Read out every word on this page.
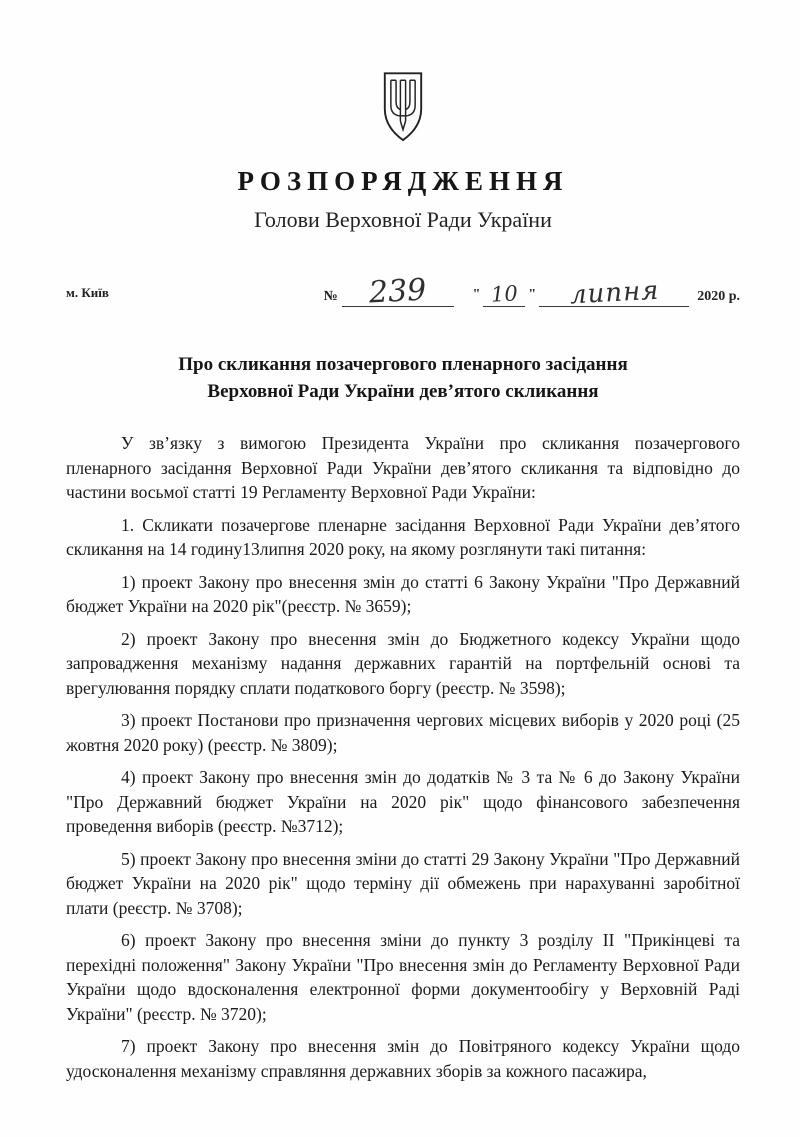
РОЗПОРЯДЖЕННЯ
Голови Верховної Ради України
м. Київ	№	239	" 10 "	липня	2020 р.
Про скликання позачергового пленарного засідання
Верховної Ради України дев’ятого скликання

У зв’язку з вимогою Президента України про скликання позачергового пленарного засідання Верховної Ради України дев’ятого скликання та відповідно до частини восьмої статті 19 Регламенту Верховної Ради України:

1. Скликати позачергове пленарне засідання Верховної Ради України дев’ятого скликання на 14 годину13липня 2020 року, на якому розглянути такі питання:

1) проект Закону про внесення змін до статті 6 Закону України "Про Державний бюджет України на 2020 рік"(реєстр. № 3659);

2) проект Закону про внесення змін до Бюджетного кодексу України щодо запровадження механізму надання державних гарантій на портфельній основі та врегулювання порядку сплати податкового боргу (реєстр. № 3598);

3) проект Постанови про призначення чергових місцевих виборів у 2020 році (25 жовтня 2020 року) (реєстр. № 3809);

4) проект Закону про внесення змін до додатків № 3 та № 6 до Закону України "Про Державний бюджет України на 2020 рік" щодо фінансового забезпечення проведення виборів (реєстр. №3712);

5) проект Закону про внесення зміни до статті 29 Закону України "Про Державний бюджет України на 2020 рік" щодо терміну дії обмежень при нарахуванні заробітної плати (реєстр. № 3708);

6) проект Закону про внесення зміни до пункту 3 розділу II "Прикінцеві та перехідні положення" Закону України "Про внесення змін до Регламенту Верховної Ради України щодо вдосконалення електронної форми документообігу у Верховній Раді України" (реєстр. № 3720);

7) проект Закону про внесення змін до Повітряного кодексу України щодо удосконалення механізму справляння державних зборів за кожного пасажира,
